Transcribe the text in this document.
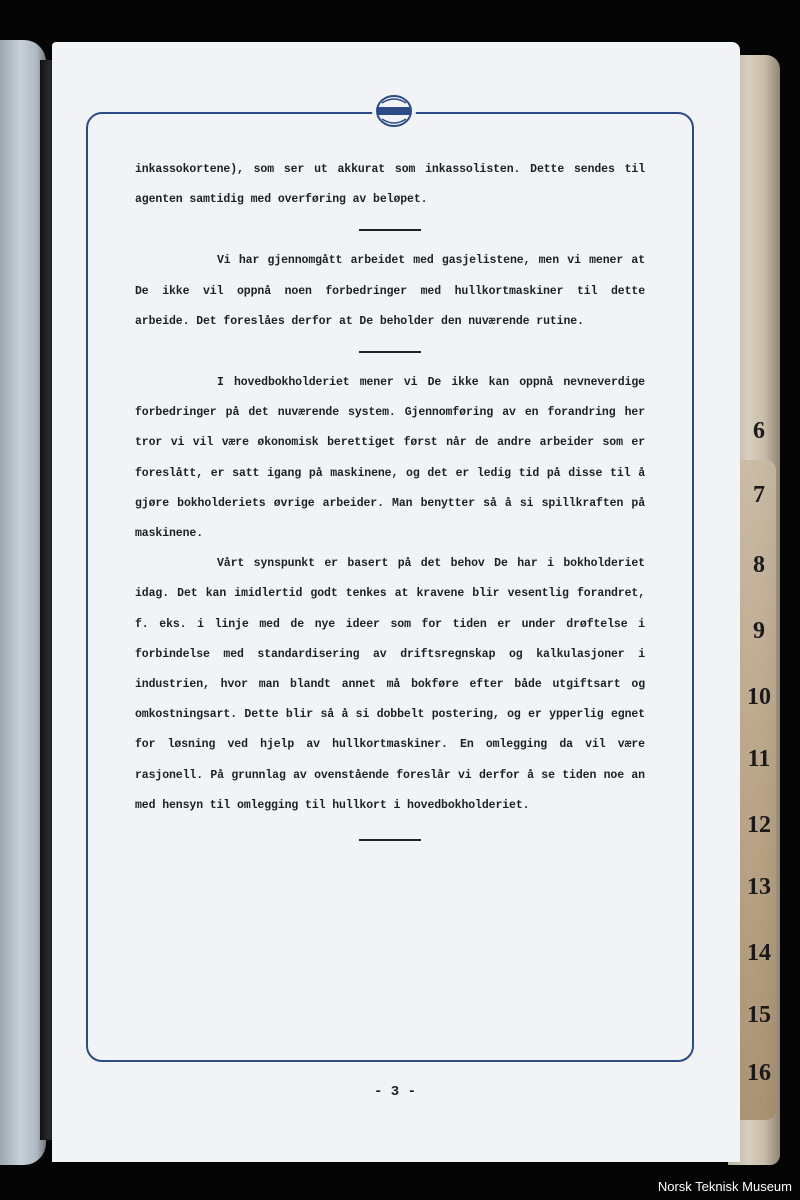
6
7
8
9
10
11
12
13
14
15
16

inkassokortene), som ser ut akkurat som inkassolisten. Dette sendes til agenten samtidig med overføring av beløpet.

Vi har gjennomgått arbeidet med gasjelistene, men vi mener at De ikke vil oppnå noen forbedringer med hullkortmaskiner til dette arbeide. Det foreslåes derfor at De beholder den nuværende rutine.

I hovedbokholderiet mener vi De ikke kan oppnå nevneverdige forbedringer på det nuværende system. Gjennomføring av en forandring her tror vi vil være økonomisk berettiget først når de andre arbeider som er foreslått, er satt igang på maskinene, og det er ledig tid på disse til å gjøre bokholderiets øvrige arbeider. Man benytter så å si spillkraften på maskinene.

Vårt synspunkt er basert på det behov De har i bokholderiet idag. Det kan imidlertid godt tenkes at kravene blir vesentlig forandret, f. eks. i linje med de nye ideer som for tiden er under drøftelse i forbindelse med standardisering av driftsregnskap og kalkulasjoner i industrien, hvor man blandt annet må bokføre efter både utgiftsart og omkostningsart. Dette blir så å si dobbelt postering, og er ypperlig egnet for løsning ved hjelp av hullkortmaskiner. En omlegging da vil være rasjonell. På grunnlag av ovenstående foreslår vi derfor å se tiden noe an med hensyn til omlegging til hullkort i hovedbokholderiet.

- 3 -
Norsk Teknisk Museum
